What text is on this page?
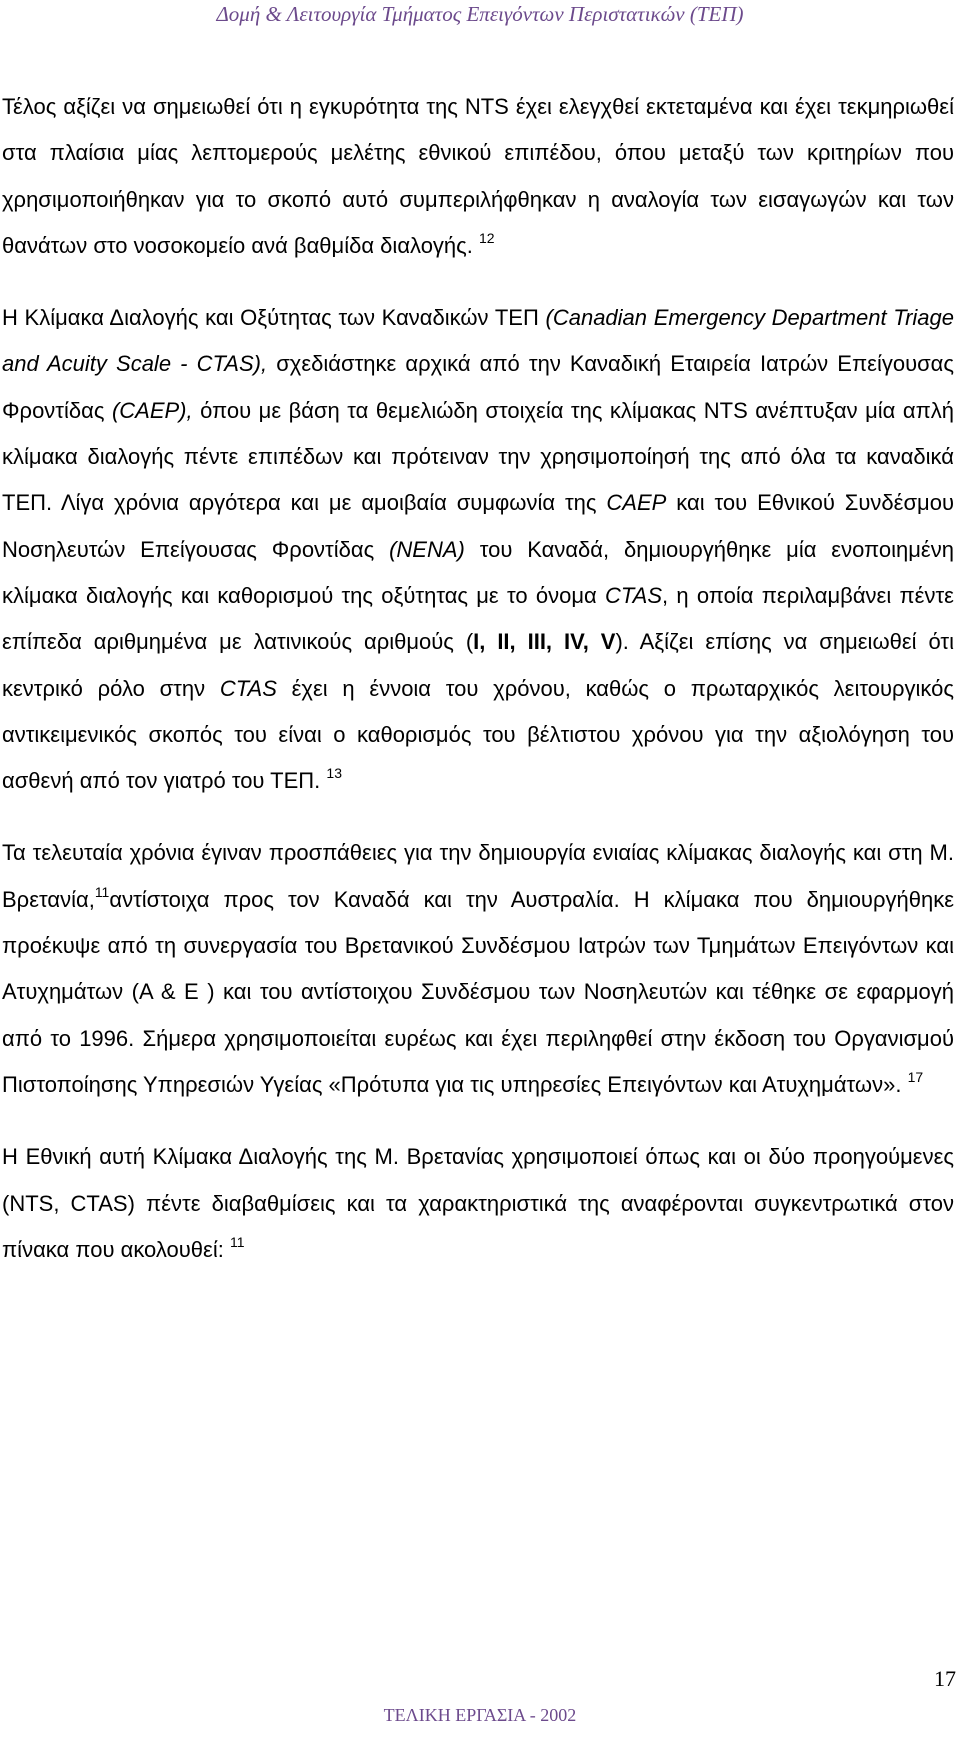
Δομή & Λειτουργία Τμήματος Επειγόντων Περιστατικών (ΤΕΠ)

Τέλος αξίζει να σημειωθεί ότι η εγκυρότητα της NTS έχει ελεγχθεί εκτεταμένα και έχει τεκμηριωθεί στα πλαίσια μίας λεπτομερούς μελέτης εθνικού επιπέδου, όπου μεταξύ των κριτηρίων που χρησιμοποιήθηκαν για το σκοπό αυτό συμπεριλήφθηκαν η αναλογία των εισαγωγών και των θανάτων στο νοσοκομείο ανά βαθμίδα διαλογής. $^{12}$

Η Κλίμακα Διαλογής και Οξύτητας των Καναδικών ΤΕΠ (Canadian Emergency Department Triage and Acuity Scale - CTAS), σχεδιάστηκε αρχικά από την Καναδική Εταιρεία Ιατρών Επείγουσας Φροντίδας (CAEP), όπου με βάση τα θεμελιώδη στοιχεία της κλίμακας NTS ανέπτυξαν μία απλή κλίμακα διαλογής πέντε επιπέδων και πρότειναν την χρησιμοποίησή της από όλα τα καναδικά ΤΕΠ. Λίγα χρόνια αργότερα και με αμοιβαία συμφωνία της CAEP και του Εθνικού Συνδέσμου Νοσηλευτών Επείγουσας Φροντίδας (NENA) του Καναδά, δημιουργήθηκε μία ενοποιημένη κλίμακα διαλογής και καθορισμού της οξύτητας με το όνομα CTAS, η οποία περιλαμβάνει πέντε επίπεδα αριθμημένα με λατινικούς αριθμούς (I, II, III, IV, V). Αξίζει επίσης να σημειωθεί ότι κεντρικό ρόλο στην CTAS έχει η έννοια του χρόνου, καθώς ο πρωταρχικός λειτουργικός αντικειμενικός σκοπός του είναι ο καθορισμός του βέλτιστου χρόνου για την αξιολόγηση του ασθενή από τον γιατρό του ΤΕΠ. $^{13}$

Τα τελευταία χρόνια έγιναν προσπάθειες για την δημιουργία ενιαίας κλίμακας διαλογής και στη Μ. Βρετανία,$^{11}$αντίστοιχα προς τον Καναδά και την Αυστραλία. Η κλίμακα που δημιουργήθηκε προέκυψε από τη συνεργασία του Βρετανικού Συνδέσμου Ιατρών των Τμημάτων Επειγόντων και Ατυχημάτων (Α & Ε ) και του αντίστοιχου Συνδέσμου των Νοσηλευτών και τέθηκε σε εφαρμογή από το 1996. Σήμερα χρησιμοποιείται ευρέως και έχει περιληφθεί στην έκδοση του Οργανισμού Πιστοποίησης Υπηρεσιών Υγείας «Πρότυπα για τις υπηρεσίες Επειγόντων και Ατυχημάτων». $^{17}$

Η Εθνική αυτή Κλίμακα Διαλογής της Μ. Βρετανίας χρησιμοποιεί όπως και οι δύο προηγούμενες (NTS, CTAS) πέντε διαβαθμίσεις και τα χαρακτηριστικά της αναφέρονται συγκεντρωτικά στον πίνακα που ακολουθεί: $^{11}$

17
ΤΕΛΙΚΗ ΕΡΓΑΣΙΑ - 2002
